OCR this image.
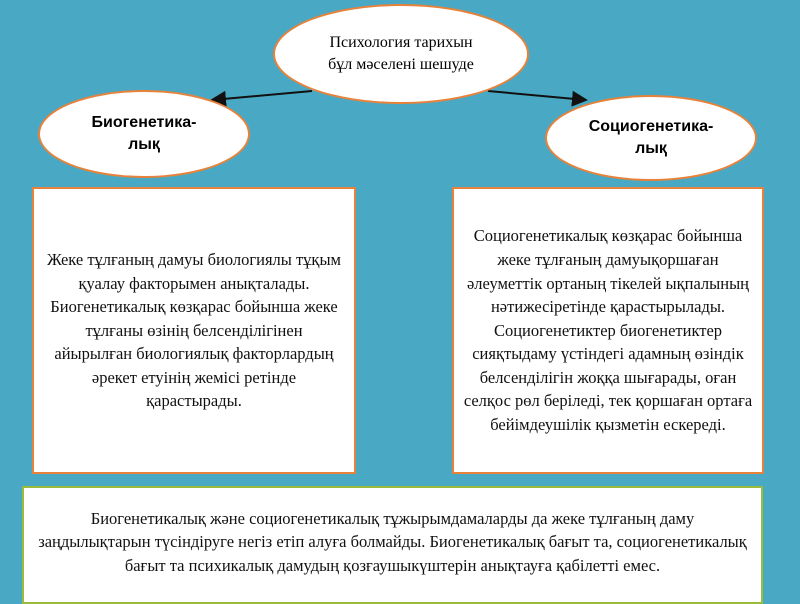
Психология тарихын бұл мәселені шешуде
Биогенетика-лық
Социогенетика-лық
Жеке тұлғаның дамуы биологиялы тұқым қуалау факторымен анықталады. Биогенетикалық көзқарас бойынша жеке тұлғаны өзінің белсенділігінен айырылған биологиялық факторлардың әрекет етуінің жемісі ретінде қарастырады.
Социогенетикалық көзқарас бойынша жеке тұлғаның дамуықоршаған әлеуметтік ортаның тікелей ықпалының нәтижесіретінде қарастырылады. Социогенетиктер биогенетиктер сияқтыдаму үстіндегі адамның өзіндік белсенділігін жоққа шығарады, оған селқос рөл беріледі, тек қоршаған ортаға бейімдеушілік қызметін ескереді.
Биогенетикалық және социогенетикалық тұжырымдамаларды да жеке тұлғаның даму заңдылықтарын түсіндіруге негіз етіп алуға болмайды. Биогенетикалық бағыт та, социогенетикалық бағыт та психикалық дамудың қозғаушыкүштерін анықтауға қабілетті емес.
